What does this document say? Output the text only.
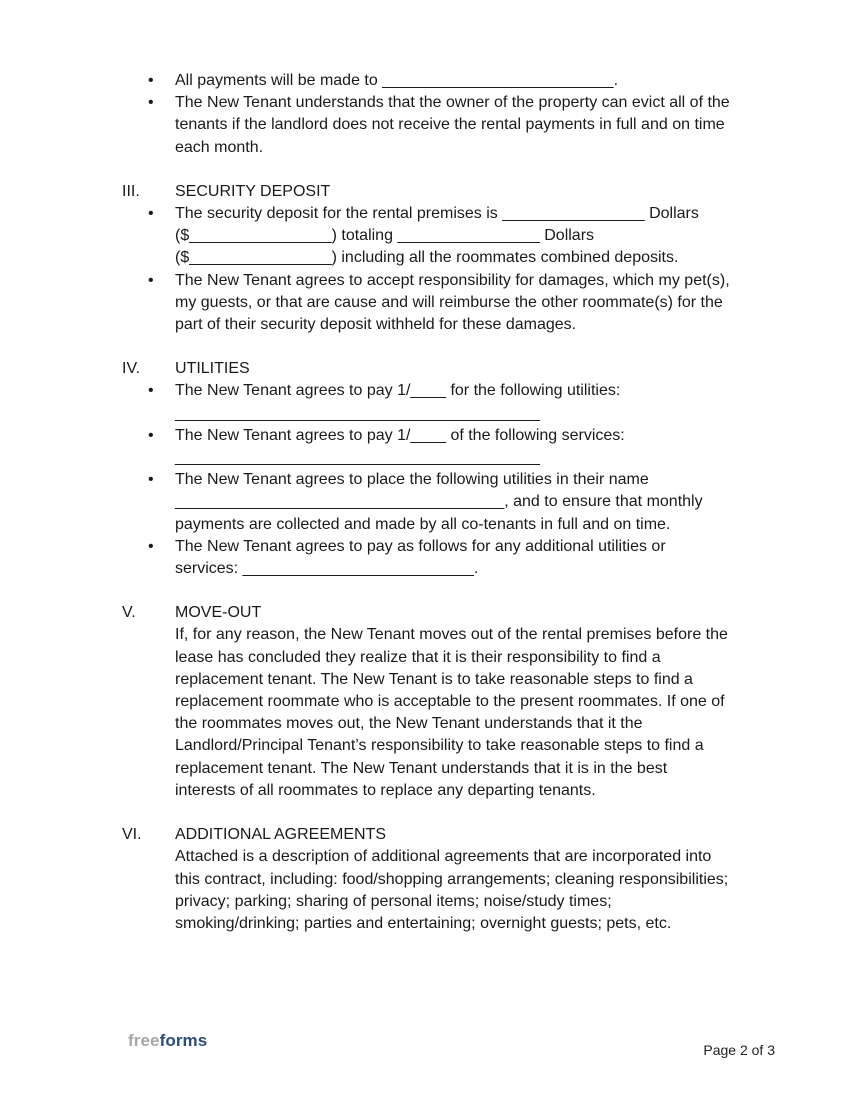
• All payments will be made to __________________________.
• The New Tenant understands that the owner of the property can evict all of the tenants if the landlord does not receive the rental payments in full and on time each month.
III.	SECURITY DEPOSIT
• The security deposit for the rental premises is ________________ Dollars ($________________) totaling ________________ Dollars ($________________) including all the roommates combined deposits.
• The New Tenant agrees to accept responsibility for damages, which my pet(s), my guests, or that are cause and will reimburse the other roommate(s) for the part of their security deposit withheld for these damages.
IV.	UTILITIES
• The New Tenant agrees to pay 1/____ for the following utilities: _________________________________________
• The New Tenant agrees to pay 1/____ of the following services: _________________________________________
• The New Tenant agrees to place the following utilities in their name _____________________________________, and to ensure that monthly payments are collected and made by all co-tenants in full and on time.
• The New Tenant agrees to pay as follows for any additional utilities or services: __________________________.
V.	MOVE-OUT
If, for any reason, the New Tenant moves out of the rental premises before the lease has concluded they realize that it is their responsibility to find a replacement tenant. The New Tenant is to take reasonable steps to find a replacement roommate who is acceptable to the present roommates. If one of the roommates moves out, the New Tenant understands that it the Landlord/Principal Tenant’s responsibility to take reasonable steps to find a replacement tenant. The New Tenant understands that it is in the best interests of all roommates to replace any departing tenants.
VI.	ADDITIONAL AGREEMENTS
Attached is a description of additional agreements that are incorporated into this contract, including: food/shopping arrangements; cleaning responsibilities; privacy; parking; sharing of personal items; noise/study times; smoking/drinking; parties and entertaining; overnight guests; pets, etc.
freeforms	Page 2 of 3
